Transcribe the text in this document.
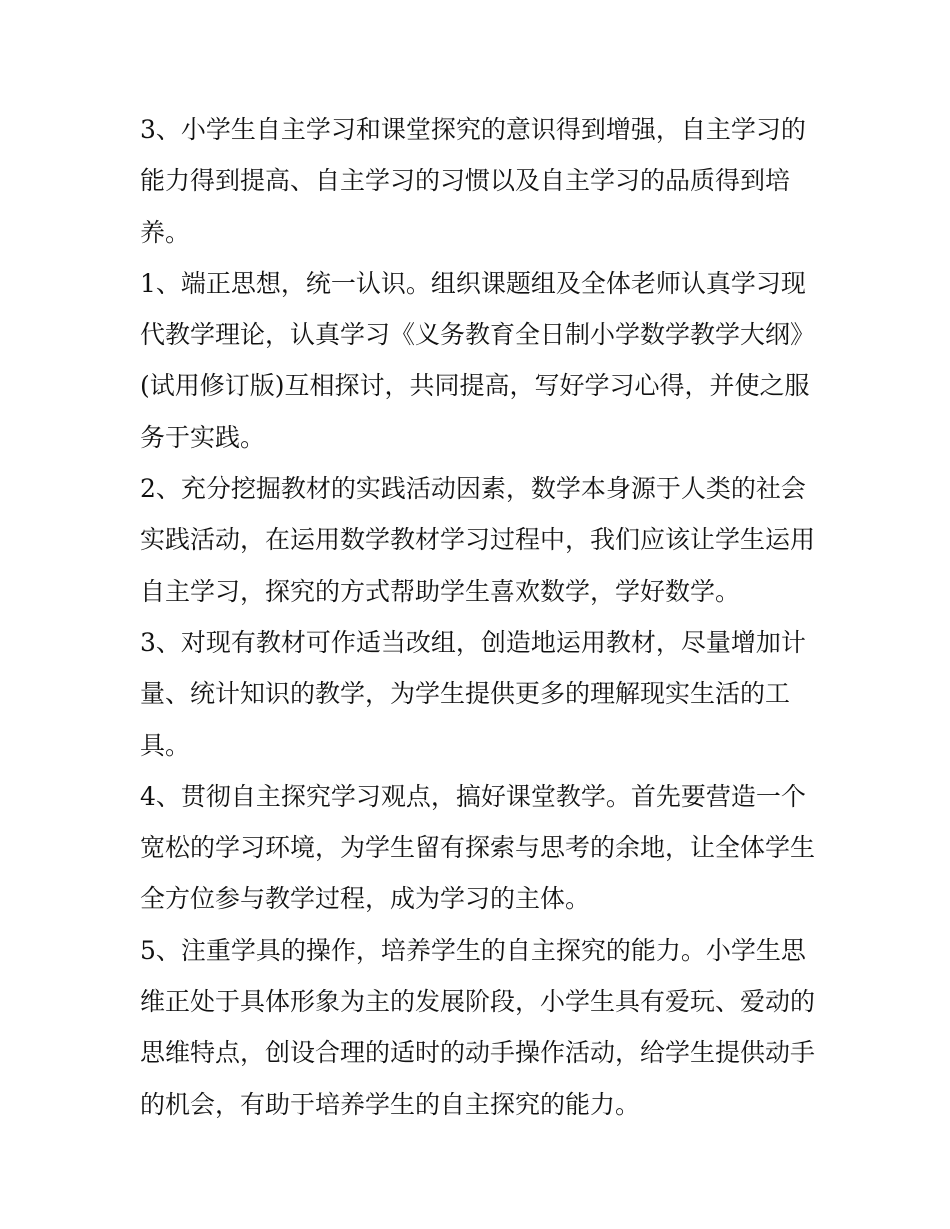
3、小学生自主学习和课堂探究的意识得到增强，自主学习的
能力得到提高、自主学习的习惯以及自主学习的品质得到培
养。
1、端正思想，统一认识。组织课题组及全体老师认真学习现
代教学理论，认真学习《义务教育全日制小学数学教学大纲》
(试用修订版)互相探讨，共同提高，写好学习心得，并使之服
务于实践。
2、充分挖掘教材的实践活动因素，数学本身源于人类的社会
实践活动，在运用数学教材学习过程中，我们应该让学生运用
自主学习，探究的方式帮助学生喜欢数学，学好数学。
3、对现有教材可作适当改组，创造地运用教材，尽量增加计
量、统计知识的教学，为学生提供更多的理解现实生活的工
具。
4、贯彻自主探究学习观点，搞好课堂教学。首先要营造一个
宽松的学习环境，为学生留有探索与思考的余地，让全体学生
全方位参与教学过程，成为学习的主体。
5、注重学具的操作，培养学生的自主探究的能力。小学生思
维正处于具体形象为主的发展阶段，小学生具有爱玩、爱动的
思维特点，创设合理的适时的动手操作活动，给学生提供动手
的机会，有助于培养学生的自主探究的能力。
